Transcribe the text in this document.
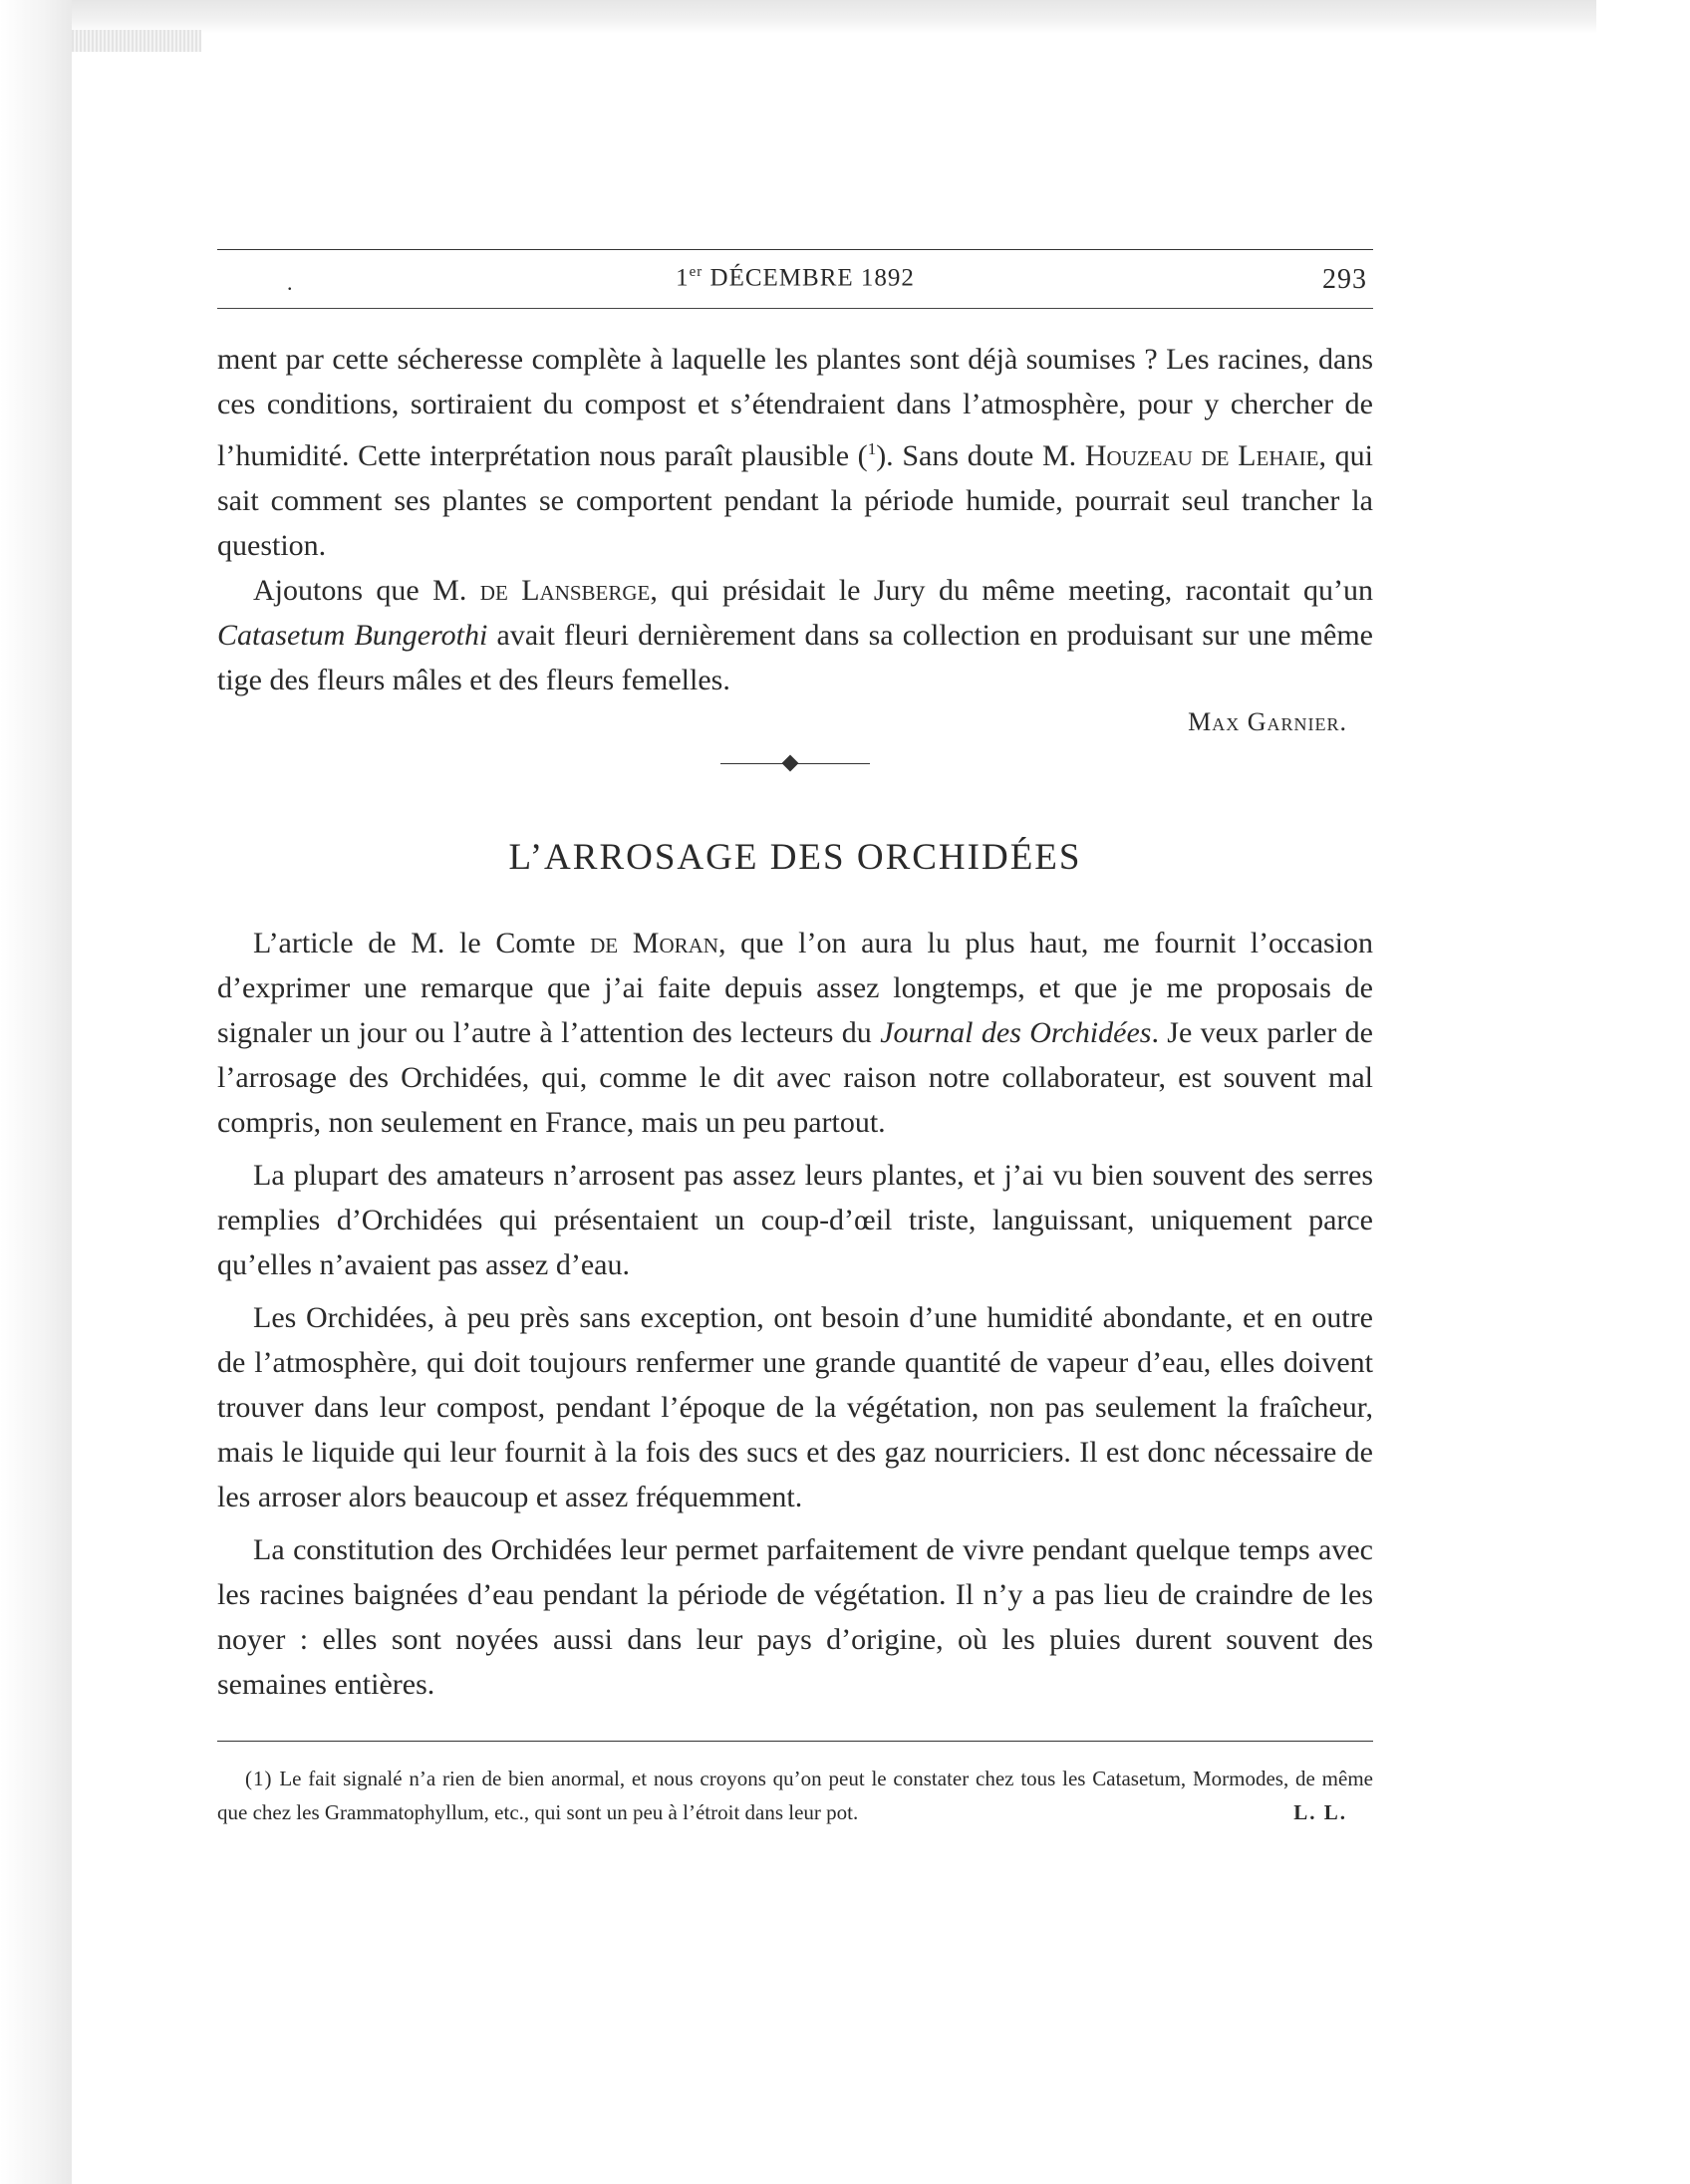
.	1er DÉCEMBRE 1892	293

ment par cette sécheresse complète à laquelle les plantes sont déjà soumises ? Les racines, dans ces conditions, sortiraient du compost et s’étendraient dans l’atmosphère, pour y chercher de l’humidité. Cette interprétation nous paraît plausible ($^1$). Sans doute M. Houzeau de Lehaie, qui sait comment ses plantes se comportent pendant la période humide, pourrait seul trancher la question.

Ajoutons que M. de Lansberge, qui présidait le Jury du même meeting, racontait qu’un Catasetum Bungerothi avait fleuri dernièrement dans sa collection en produisant sur une même tige des fleurs mâles et des fleurs femelles.

Max Garnier.
L’ARROSAGE DES ORCHIDÉES

L’article de M. le Comte de Moran, que l’on aura lu plus haut, me fournit l’occasion d’exprimer une remarque que j’ai faite depuis assez longtemps, et que je me proposais de signaler un jour ou l’autre à l’attention des lecteurs du Journal des Orchidées. Je veux parler de l’arrosage des Orchidées, qui, comme le dit avec raison notre collaborateur, est souvent mal compris, non seulement en France, mais un peu partout.

La plupart des amateurs n’arrosent pas assez leurs plantes, et j’ai vu bien souvent des serres remplies d’Orchidées qui présentaient un coup-d’œil triste, languissant, uniquement parce qu’elles n’avaient pas assez d’eau.

Les Orchidées, à peu près sans exception, ont besoin d’une humidité abondante, et en outre de l’atmosphère, qui doit toujours renfermer une grande quantité de vapeur d’eau, elles doivent trouver dans leur compost, pendant l’époque de la végétation, non pas seulement la fraîcheur, mais le liquide qui leur fournit à la fois des sucs et des gaz nourriciers. Il est donc nécessaire de les arroser alors beaucoup et assez fréquemment.

La constitution des Orchidées leur permet parfaitement de vivre pendant quelque temps avec les racines baignées d’eau pendant la période de végétation. Il n’y a pas lieu de craindre de les noyer : elles sont noyées aussi dans leur pays d’origine, où les pluies durent souvent des semaines entières.

(1) Le fait signalé n’a rien de bien anormal, et nous croyons qu’on peut le constater chez tous les Catasetum, Mormodes, de même que chez les Grammatophyllum, etc., qui sont un peu à l’étroit dans leur pot.	L. L.
